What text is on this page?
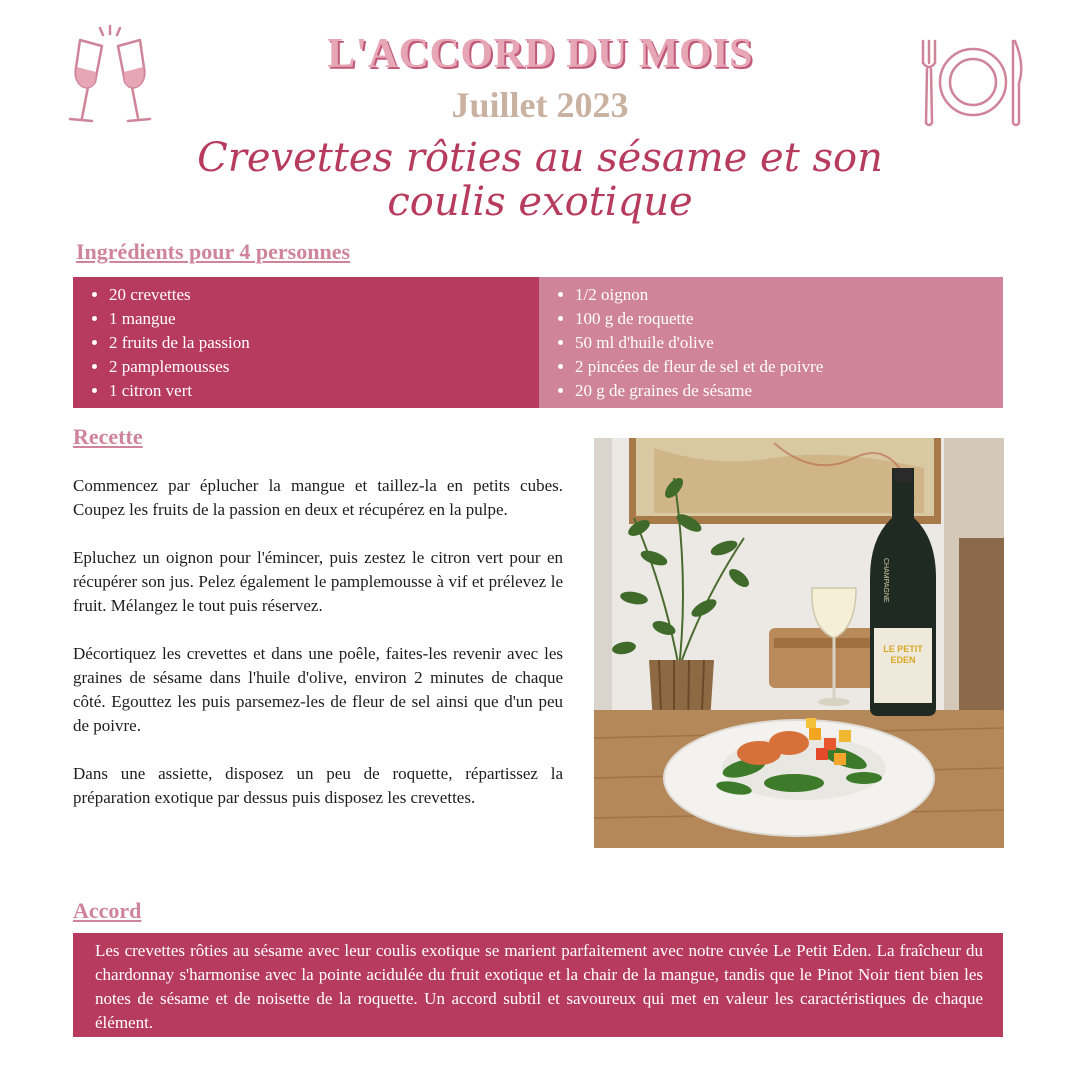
L'ACCORD DU MOIS
Juillet 2023
Crevettes rôties au sésame et son coulis exotique
Ingrédients pour 4 personnes
• 20 crevettes
• 1 mangue
• 2 fruits de la passion
• 2 pamplemousses
• 1 citron vert
• 1/2 oignon
• 100 g de roquette
• 50 ml d'huile d'olive
• 2 pincées de fleur de sel et de poivre
• 20 g de graines de sésame
Recette

Commencez par éplucher la mangue et taillez-la en petits cubes. Coupez les fruits de la passion en deux et récupérez en la pulpe.

Epluchez un oignon pour l'émincer, puis zestez le citron vert pour en récupérer son jus. Pelez également le pamplemousse à vif et prélevez le fruit. Mélangez le tout puis réservez.

Décortiquez les crevettes et dans une poêle, faites-les revenir avec les graines de sésame dans l'huile d'olive, environ 2 minutes de chaque côté. Egouttez les puis parsemez-les de fleur de sel ainsi que d'un peu de poivre.

Dans une assiette, disposez un peu de roquette, répartissez la préparation exotique par dessus puis disposez les crevettes.

CHAMPAGNE
LE PETIT
EDEN
Accord
Les crevettes rôties au sésame avec leur coulis exotique se marient parfaitement avec notre cuvée Le Petit Eden. La fraîcheur du chardonnay s'harmonise avec la pointe acidulée du fruit exotique et la chair de la mangue, tandis que le Pinot Noir tient bien les notes de sésame et de noisette de la roquette. Un accord subtil et savoureux qui met en valeur les caractéristiques de chaque élément.
